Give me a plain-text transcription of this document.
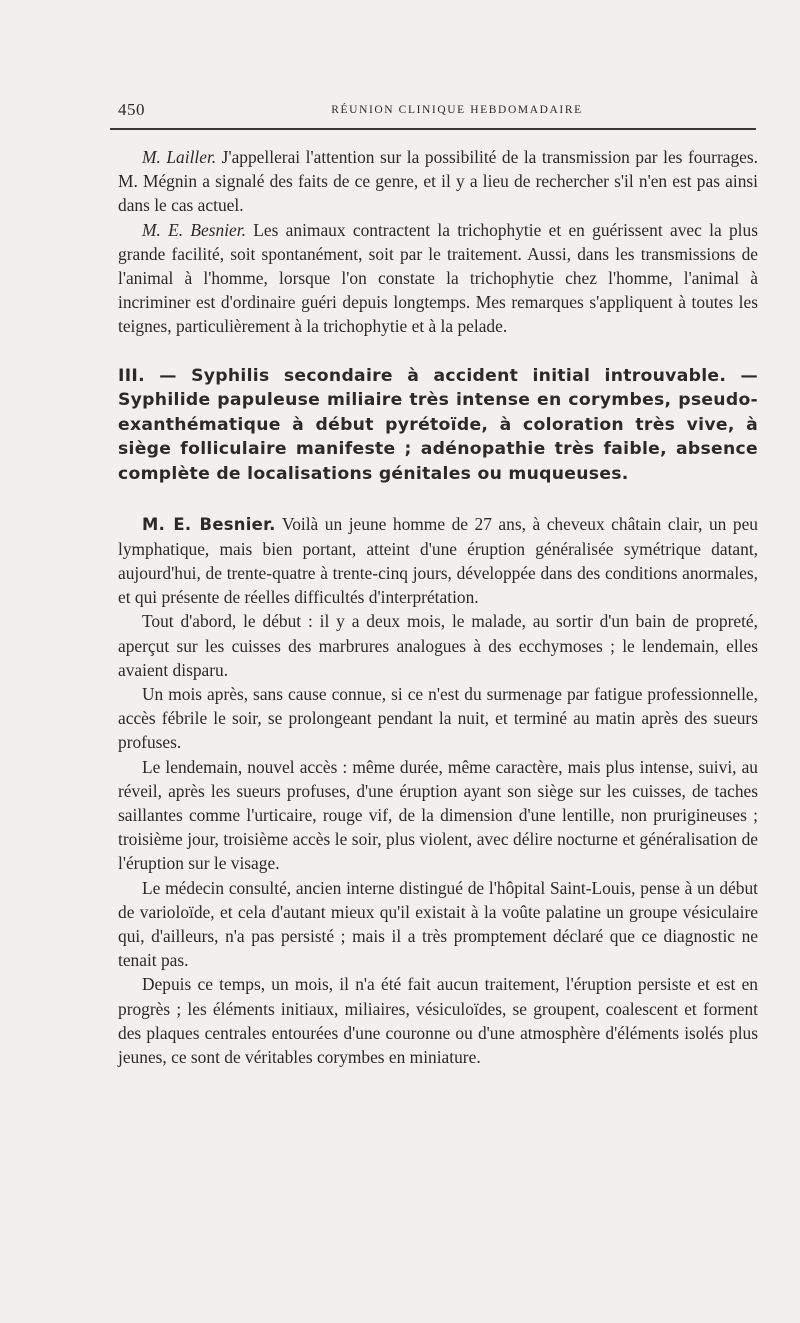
450	RÉUNION CLINIQUE HEBDOMADAIRE

M. Lailler. J'appellerai l'attention sur la possibilité de la transmission par les fourrages. M. Mégnin a signalé des faits de ce genre, et il y a lieu de rechercher s'il n'en est pas ainsi dans le cas actuel.

M. E. Besnier. Les animaux contractent la trichophytie et en guérissent avec la plus grande facilité, soit spontanément, soit par le traitement. Aussi, dans les transmissions de l'animal à l'homme, lorsque l'on constate la trichophytie chez l'homme, l'animal à incriminer est d'ordinaire guéri depuis longtemps. Mes remarques s'appliquent à toutes les teignes, particulièrement à la trichophytie et à la pelade.

III. — Syphilis secondaire à accident initial introuvable. — Syphilide papuleuse miliaire très intense en corymbes, pseudo-exanthématique à début pyrétoïde, à coloration très vive, à siège folliculaire manifeste ; adénopathie très faible, absence complète de localisations génitales ou muqueuses.

M. E. Besnier. Voilà un jeune homme de 27 ans, à cheveux châtain clair, un peu lymphatique, mais bien portant, atteint d'une éruption généralisée symétrique datant, aujourd'hui, de trente-quatre à trente-cinq jours, développée dans des conditions anormales, et qui présente de réelles difficultés d'interprétation.

Tout d'abord, le début : il y a deux mois, le malade, au sortir d'un bain de propreté, aperçut sur les cuisses des marbrures analogues à des ecchymoses ; le lendemain, elles avaient disparu.

Un mois après, sans cause connue, si ce n'est du surmenage par fatigue professionnelle, accès fébrile le soir, se prolongeant pendant la nuit, et terminé au matin après des sueurs profuses.

Le lendemain, nouvel accès : même durée, même caractère, mais plus intense, suivi, au réveil, après les sueurs profuses, d'une éruption ayant son siège sur les cuisses, de taches saillantes comme l'urticaire, rouge vif, de la dimension d'une lentille, non prurigineuses ; troisième jour, troisième accès le soir, plus violent, avec délire nocturne et généralisation de l'éruption sur le visage.

Le médecin consulté, ancien interne distingué de l'hôpital Saint-Louis, pense à un début de varioloïde, et cela d'autant mieux qu'il existait à la voûte palatine un groupe vésiculaire qui, d'ailleurs, n'a pas persisté ; mais il a très promptement déclaré que ce diagnostic ne tenait pas.

Depuis ce temps, un mois, il n'a été fait aucun traitement, l'éruption persiste et est en progrès ; les éléments initiaux, miliaires, vésiculoïdes, se groupent, coalescent et forment des plaques centrales entourées d'une couronne ou d'une atmosphère d'éléments isolés plus jeunes, ce sont de véritables corymbes en miniature.
